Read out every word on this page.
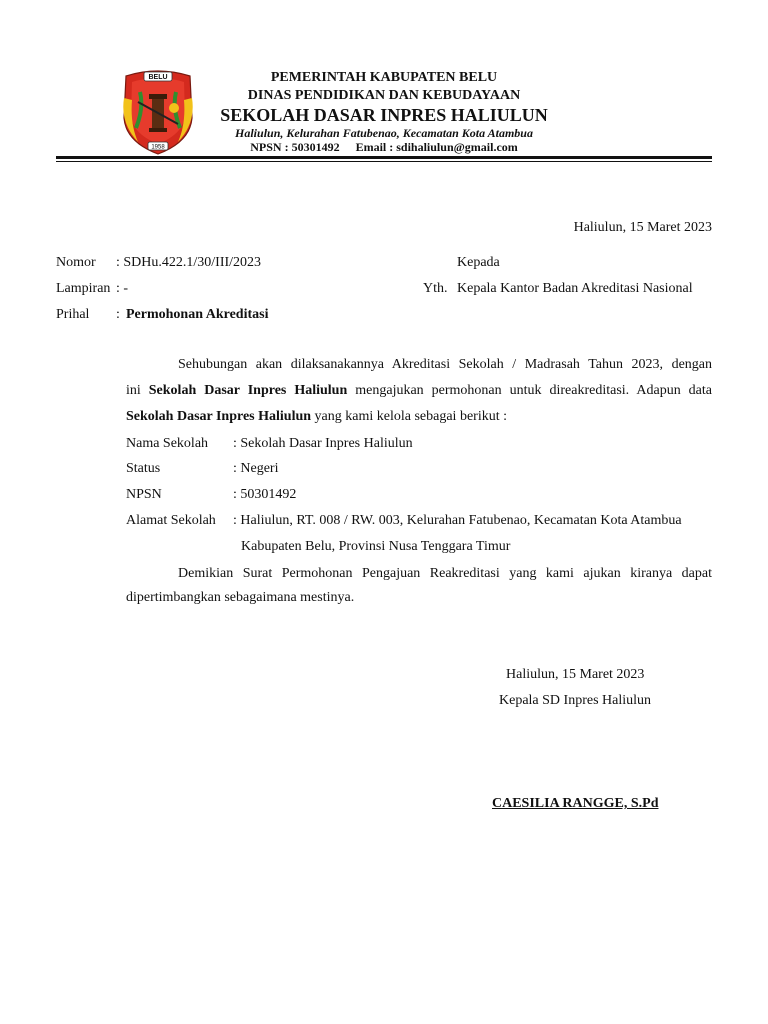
BELU
1958
PEMERINTAH KABUPATEN BELU
DINAS PENDIDIKAN DAN KEBUDAYAAN
SEKOLAH DASAR INPRES HALIULUN
Haliulun, Kelurahan Fatubenao, Kecamatan Kota Atambua
NPSN : 50301492 Email : sdihaliulun@gmail.com
Haliulun, 15 Maret 2023
Nomor : SDHu.422.1/30/III/2023
Lampiran : -
Prihal : Permohonan Akreditasi
Kepada
Yth. Kepala Kantor Badan Akreditasi Nasional

Sehubungan akan dilaksanakannya Akreditasi Sekolah / Madrasah Tahun 2023, dengan

ini Sekolah Dasar Inpres Haliulun mengajukan permohonan untuk direakreditasi. Adapun data

Sekolah Dasar Inpres Haliulun yang kami kelola sebagai berikut :

Nama Sekolah : Sekolah Dasar Inpres Haliulun
Status	: Negeri
NPSN	: 50301492
Alamat Sekolah : Haliulun, RT. 008 / RW. 003, Kelurahan Fatubenao, Kecamatan Kota Atambua
Kabupaten Belu, Provinsi Nusa Tenggara Timur

Demikian Surat Permohonan Pengajuan Reakreditasi yang kami ajukan kiranya dapat

dipertimbangkan sebagaimana mestinya.
Haliulun, 15 Maret 2023
Kepala SD Inpres Haliulun
CAESILIA RANGGE, S.Pd
